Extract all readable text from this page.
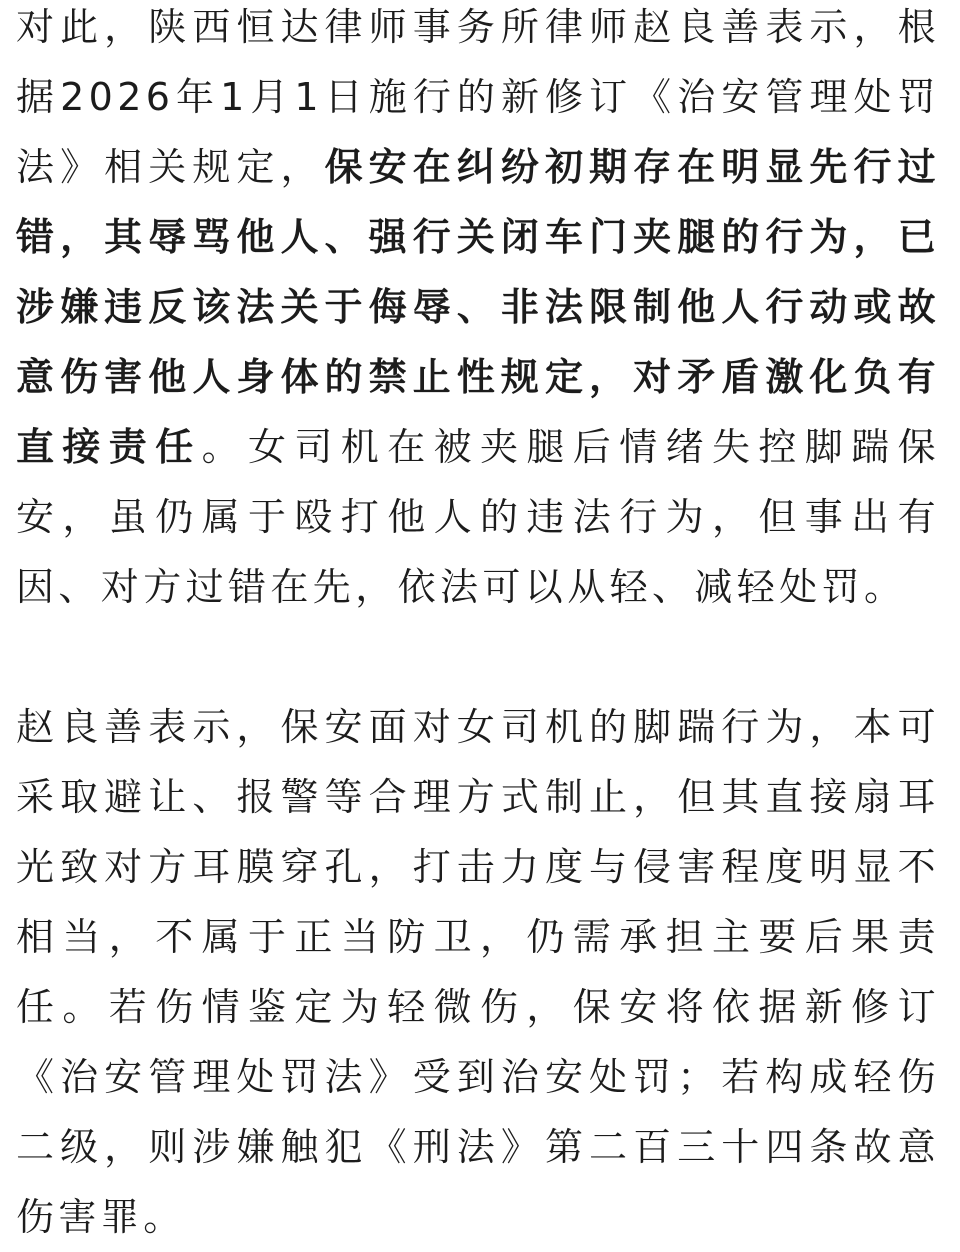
对此，陕西恒达律师事务所律师赵良善表示，根据2026年1月1日施行的新修订《治安管理处罚法》相关规定，保安在纠纷初期存在明显先行过错，其辱骂他人、强行关闭车门夹腿的行为，已涉嫌违反该法关于侮辱、非法限制他人行动或故意伤害他人身体的禁止性规定，对矛盾激化负有直接责任。女司机在被夹腿后情绪失控脚踹保安，虽仍属于殴打他人的违法行为，但事出有因、对方过错在先，依法可以从轻、减轻处罚。

赵良善表示，保安面对女司机的脚踹行为，本可采取避让、报警等合理方式制止，但其直接扇耳光致对方耳膜穿孔，打击力度与侵害程度明显不相当，不属于正当防卫，仍需承担主要后果责任。若伤情鉴定为轻微伤，保安将依据新修订《治安管理处罚法》受到治安处罚；若构成轻伤二级，则涉嫌触犯《刑法》第二百三十四条故意伤害罪。
